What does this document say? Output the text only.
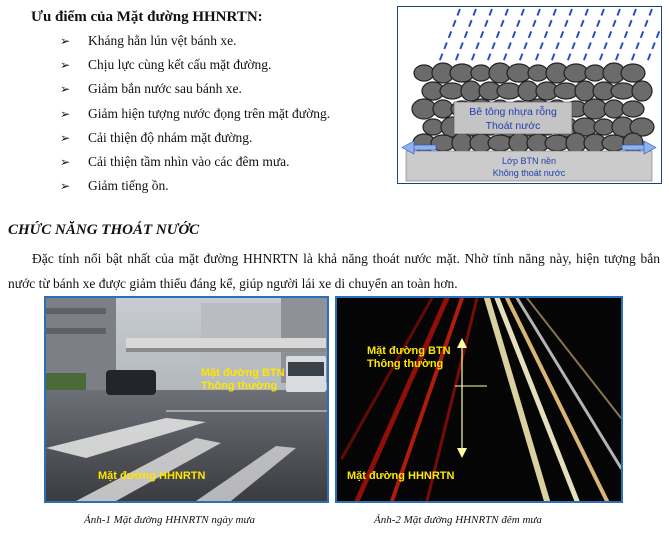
Ưu điểm của Mặt đường HHNRTN:
➢	Kháng hằn lún vệt bánh xe.
➢	Chịu lực cùng kết cấu mặt đường.
➢	Giảm bắn nước sau bánh xe.
➢	Giảm hiện tượng nước đọng trên mặt đường.
➢	Cải thiện độ nhám mặt đường.
➢	Cải thiện tầm nhìn vào các đêm mưa.
➢	Giảm tiếng ồn.
Bê tông nhựa rỗng
Thoát nước
Lớp BTN nền
Không thoát nước
CHỨC NĂNG THOÁT NƯỚC

Đặc tính nổi bật nhất của mặt đường HHNRTN là khả năng thoát nước mặt. Nhờ tính năng này, hiện tượng bắn nước từ bánh xe được giảm thiểu đáng kể, giúp người lái xe di chuyển an toàn hơn.

Mặt đường BTN
Thông thường
Mặt đường HHNRTN
Mặt đường BTN
Thông thường
Mặt đường HHNRTN
Ảnh-1 Mặt đường HHNRTN ngày mưa	Ảnh-2 Mặt đường HHNRTN đêm mưa
